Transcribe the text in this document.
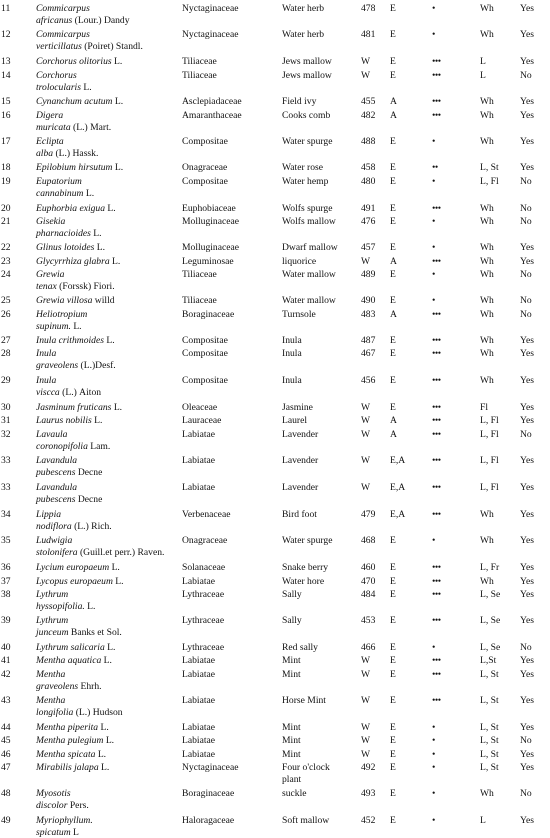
11	Commicarpus
africanus (Lour.) Dandy
Nyctaginaceae	Water herb	478 E	•	Wh	Yes
12	Commicarpus
verticillatus (Poiret) Standl.
Nyctaginaceae	Water herb	481 E	•	Wh	Yes
13	Corchorus olitorius L.	Tiliaceae	Jews mallow	W E	•••	L	Yes
14	Corchorus
trolocularis L.
Tiliaceae	Jews mallow	W E	•••	L	No
15	Cynanchum acutum L.	Asclepiadaceae	Field ivy	455 A	•••	Wh	Yes
16	Digera
muricata (L.) Mart.
Amaranthaceae	Cooks comb	482 A	•••	Wh	Yes
17	Eclipta
alba (L.) Hassk.
Compositae	Water spurge	488 E	•	Wh	Yes
18	Epilobium hirsutum L.	Onagraceae	Water rose	458 E	••	L, St Yes
19	Eupatorium
cannabinum L.
Compositae	Water hemp	480 E	•	L, Fl No
20	Euphorbia exigua L.	Euphobiaceae	Wolfs spurge	491 E	•••	Wh	No
21	Gisekia
pharnacioides L.
Molluginaceae	Wolfs mallow	476 E	•	Wh	No
22	Glinus lotoides L.	Molluginaceae	Dwarf mallow 457 E	•	Wh	Yes
23	Glycyrrhiza glabra L.	Leguminosae	liquorice	W A	•••	Wh	Yes
24	Grewia
tenax (Forssk) Fiori.
Tiliaceae	Water mallow	489 E	•	Wh	No
25	Grewia villosa willd	Tiliaceae	Water mallow	490 E	•	Wh	No
26	Heliotropium
supinum. L.
Boraginaceae	Turnsole	483 A	•••	Wh	No
27	Inula crithmoides L.	Compositae	Inula	487 E	•••	Wh	Yes
28	Inula
graveolens (L.)Desf.
Compositae	Inula	467 E	•••	Wh	Yes
29	Inula
viscса (L.) Aiton
Compositae	Inula	456 E	•••	Wh	Yes
30	Jasminum fruticans L.	Oleaceae	Jasmine	W E	•••	Fl	Yes
31	Laurus nobilis L.	Lauraceae	Laurel	W A	•••	L, Fl Yes
32	Lavaula
coronopifolia Lam.
Labiatae	Lavender	W A	•••	L, Fl No
33	Lavandula
pubescens Decne
Labiatae	Lavender	W E,A	•••	L, Fl Yes
33	Lavandula
pubescens Decne
Labiatae	Lavender	W E,A	•••	L, Fl Yes
34	Lippia
nodiflora (L.) Rich.
Verbenaceae	Bird foot	479 E,A	•••	Wh	Yes
35	Ludwigia
stolonifera (Guill.et perr.) Raven.
Onagraceae	Water spurge	468 E	•	Wh	Yes
36	Lycium europaeum L.	Solanaceae	Snake berry	460 E	•••	L, Fr Yes
37	Lycopus europaeum L.	Labiatae	Water hore	470 E	•••	Wh	Yes
38	Lythrum
hyssopifolia. L.
Lythraceae	Sally	484 E	•••	L, Se Yes
39	Lythrum
junceum Banks et Sol.
Lythraceae	Sally	453 E	•••	L, Se Yes
40	Lythrum salicaria L.	Lythraceae	Red sally	466 E	•	L, Se No
41	Mentha aquatica L.	Labiatae	Mint	W E	•••	L,St Yes
42	Mentha
graveolens Ehrh.
Labiatae	Mint	W E	•••	L, St Yes
43	Mentha
longifolia (L.) Hudson
Labiatae	Horse Mint	W E	•••	L, St Yes
44	Mentha piperita L.	Labiatae	Mint	W E	•	L, St Yes
45	Mentha pulegium L.	Labiatae	Mint	W E	•	L, St No
46	Mentha spicata L.	Labiatae	Mint	W E	•	L, St Yes
47	Mirabilis jalapa L.	Nyctaginaceae	Four o'clock
plant
492 E	•	L, St Yes
48	Myosotis
discolor Pers.
Boraginaceae	suckle	493 E	•	Wh	No
49	Myriophyllum.
spicatum L
Haloragaceae	Soft mallow	452 E	•	L	Yes
